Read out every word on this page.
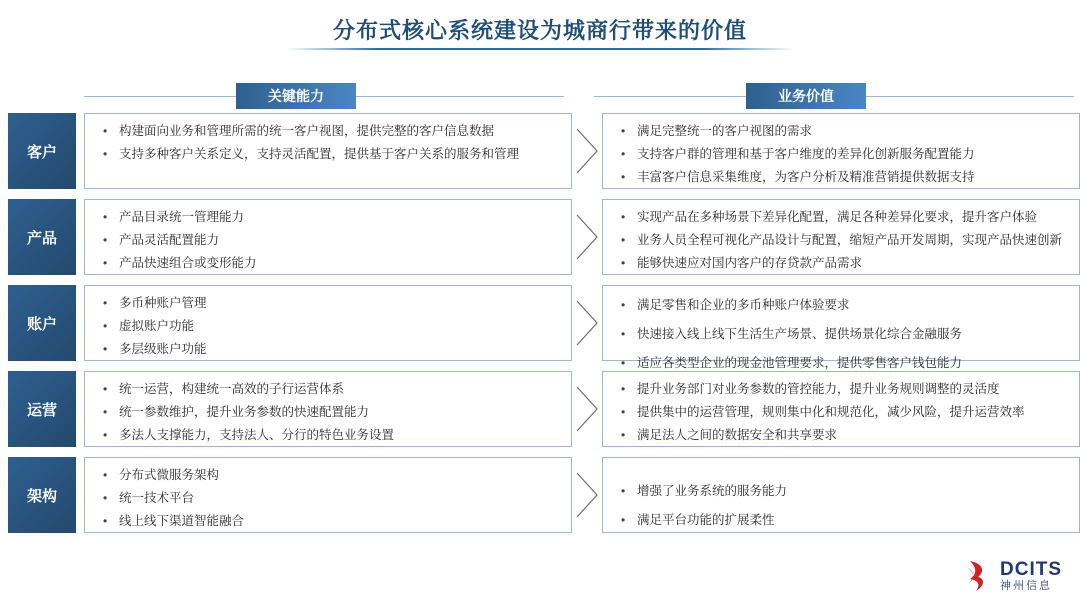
分布式核心系统建设为城商行带来的价值
关键能力	业务价值
客户
• 构建面向业务和管理所需的统一客户视图，提供完整的客户信息数据
• 支持多种客户关系定义，支持灵活配置，提供基于客户关系的服务和管理
• 满足完整统一的客户视图的需求
• 支持客户群的管理和基于客户维度的差异化创新服务配置能力
• 丰富客户信息采集维度，为客户分析及精准营销提供数据支持
产品
• 产品目录统一管理能力
• 产品灵活配置能力
• 产品快速组合或变形能力
• 实现产品在多种场景下差异化配置，满足各种差异化要求，提升客户体验
• 业务人员全程可视化产品设计与配置，缩短产品开发周期，实现产品快速创新
• 能够快速应对国内客户的存贷款产品需求
账户
• 多币种账户管理
• 虚拟账户功能
• 多层级账户功能
• 满足零售和企业的多币种账户体验要求
• 快速接入线上线下生活生产场景、提供场景化综合金融服务
• 适应各类型企业的现金池管理要求，提供零售客户钱包能力
运营
• 统一运营，构建统一高效的子行运营体系
• 统一参数维护，提升业务参数的快速配置能力
• 多法人支撑能力，支持法人、分行的特色业务设置
• 提升业务部门对业务参数的管控能力，提升业务规则调整的灵活度
• 提供集中的运营管理，规则集中化和规范化，减少风险，提升运营效率
• 满足法人之间的数据安全和共享要求
架构
• 分布式微服务架构
• 统一技术平台
• 线上线下渠道智能融合
• 增强了业务系统的服务能力
• 满足平台功能的扩展柔性
DCITS
神州信息
